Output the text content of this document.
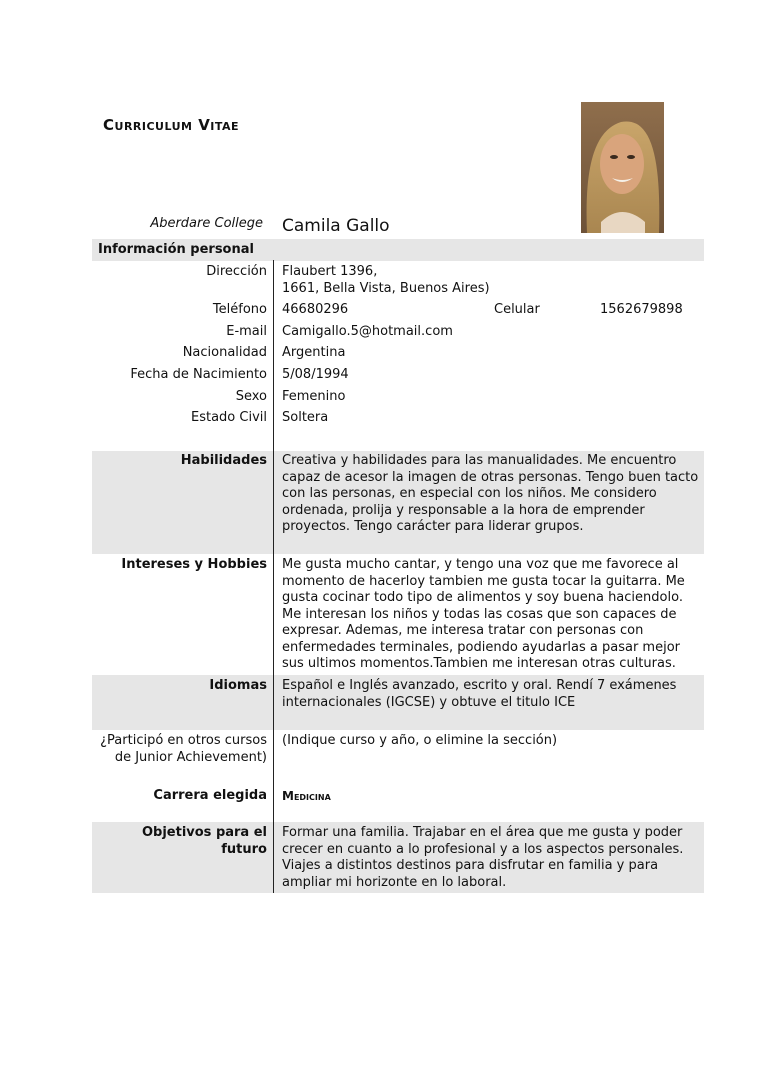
Curriculum Vitae
Aberdare College Camila Gallo
Información personal
Dirección Flaubert 1396,
1661, Bella Vista, Buenos Aires)
Teléfono 46680296	Celular	1562679898
E-mail Camigallo.5@hotmail.com
Nacionalidad Argentina
Fecha de Nacimiento 5/08/1994
Sexo Femenino
Estado Civil Soltera
Habilidades Creativa y habilidades para las manualidades. Me encuentro capaz de acesor la imagen de otras personas. Tengo buen tacto con las personas, en especial con los niños. Me considero ordenada, prolija y responsable a la hora de emprender proyectos. Tengo carácter para liderar grupos.
Intereses y Hobbies Me gusta mucho cantar, y tengo una voz que me favorece al momento de hacerloy tambien me gusta tocar la guitarra. Me gusta cocinar todo tipo de alimentos y soy buena haciendolo. Me interesan los niños y todas las cosas que son capaces de expresar. Ademas, me interesa tratar con personas con enfermedades terminales, podiendo ayudarlas a pasar mejor sus ultimos momentos.Tambien me interesan otras culturas.
Idiomas Español e Inglés avanzado, escrito y oral. Rendí 7 exámenes internacionales (IGCSE) y obtuve el titulo ICE
¿Participó en otros cursos
de Junior Achievement)
(Indique curso y año, o elimine la sección)
Carrera elegida Medicina
Objetivos para el futuro
Formar una familia. Trajabar en el área que me gusta y poder crecer en cuanto a lo profesional y a los aspectos personales. Viajes a distintos destinos para disfrutar en familia y para ampliar mi horizonte en lo laboral.
